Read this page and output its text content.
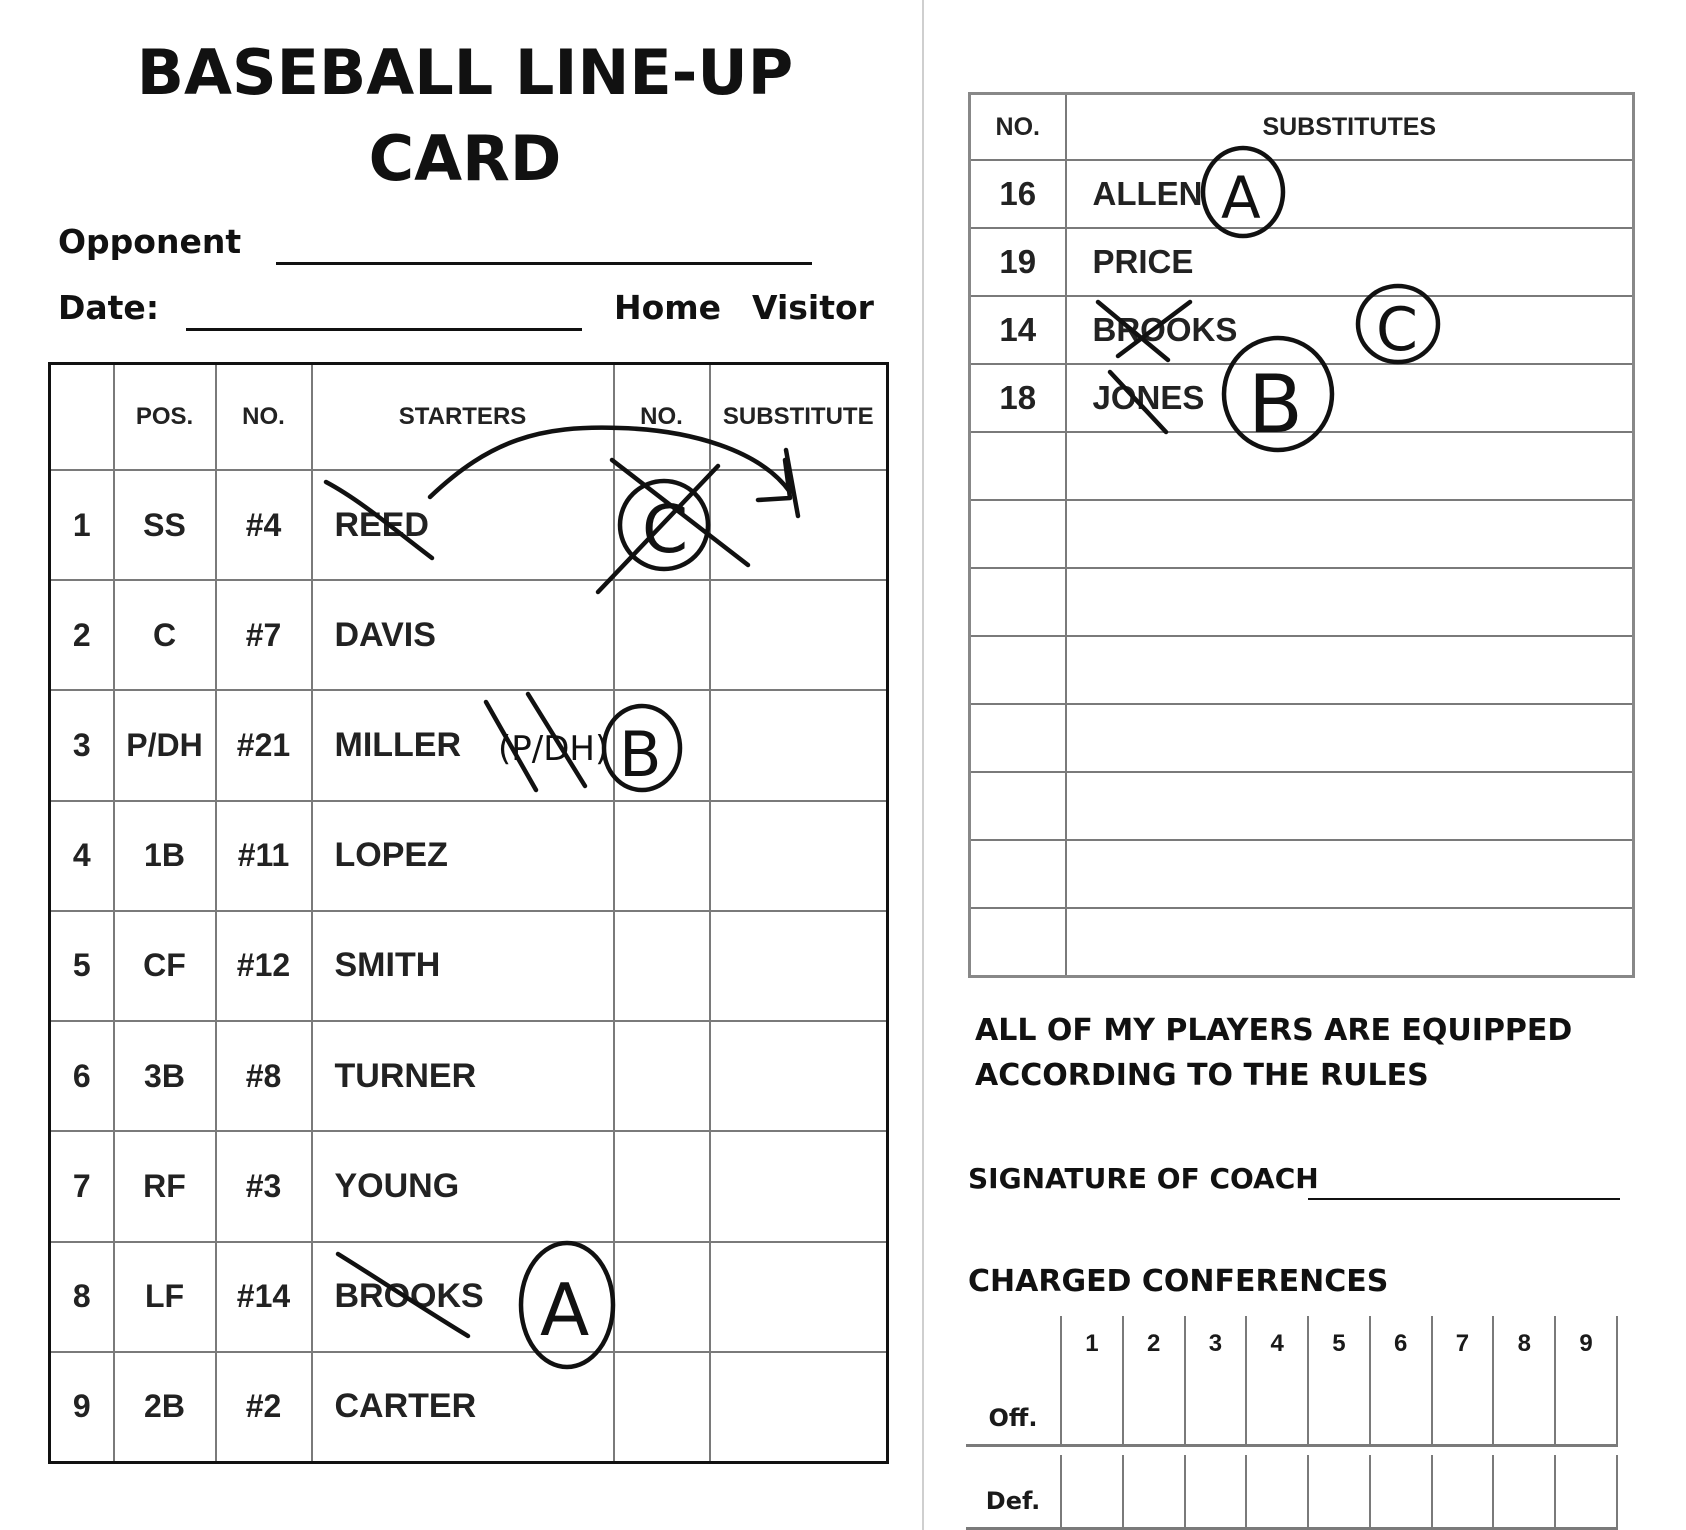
BASEBALL LINE-UP
CARD
Opponent
Date:	Home Visitor
	POS.	NO.	STARTERS	NO.	SUBSTITUTE
1	SS	#4	REED		
2	C	#7	DAVIS		
3	P/DH	#21	MILLER		
4	1B	#11	LOPEZ		
5	CF	#12	SMITH		
6	3B	#8	TURNER		
7	RF	#3	YOUNG		
8	LF	#14	BROOKS		
9	2B	#2	CARTER		
NO.	SUBSTITUTES
16	ALLEN
19	PRICE
14	BROOKS
18	JONES

ALL OF MY PLAYERS ARE EQUIPPED
ACCORDING TO THE RULES
SIGNATURE OF COACH
CHARGED CONFERENCES
	1	2	3	4	5	6	7	8	9
Off.									

Def.									
C
(P/DH) B
A
A
C
B
